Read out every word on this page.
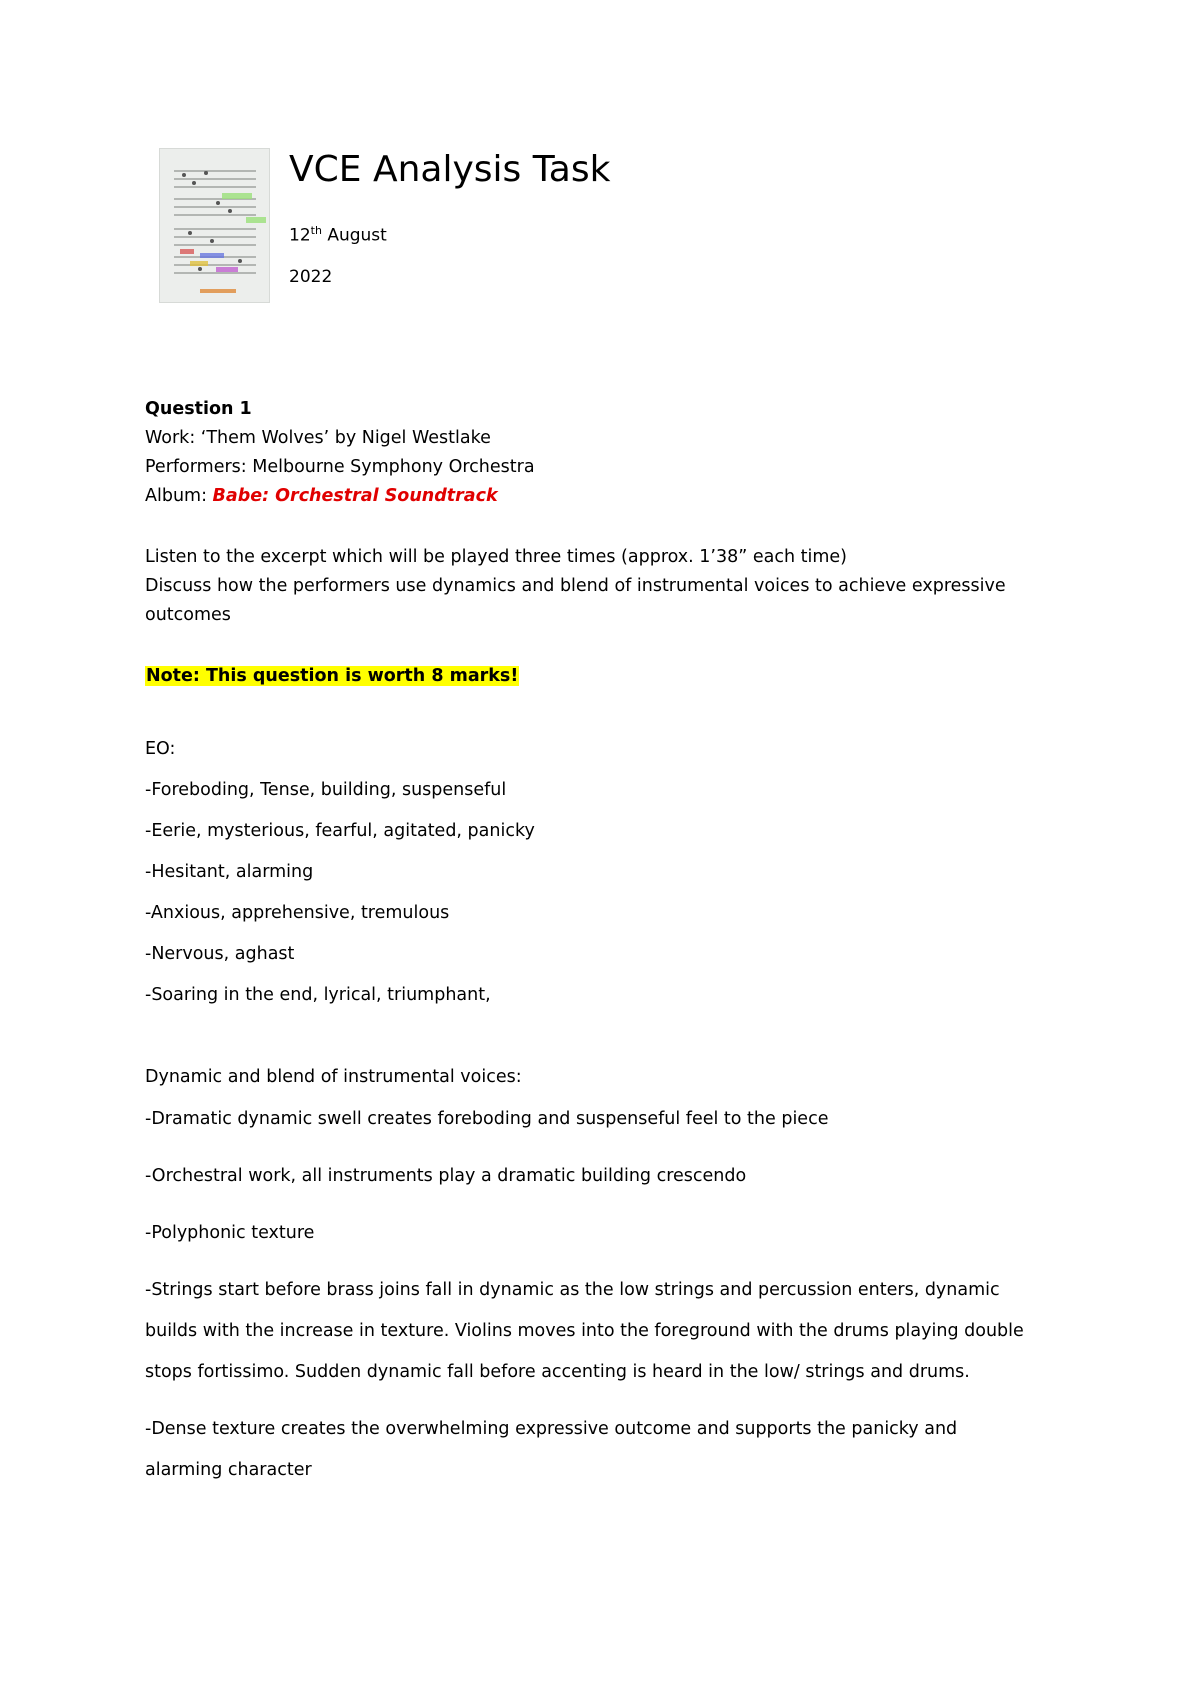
VCE Analysis Task
12th August
2022
Question 1
Work: ‘Them Wolves’ by Nigel Westlake
Performers: Melbourne Symphony Orchestra
Album: Babe: Orchestral Soundtrack
Listen to the excerpt which will be played three times (approx. 1’38” each time)
Discuss how the performers use dynamics and blend of instrumental voices to achieve expressive
outcomes
Note: This question is worth 8 marks!
EO:
-Foreboding, Tense, building, suspenseful
-Eerie, mysterious, fearful, agitated, panicky
-Hesitant, alarming
-Anxious, apprehensive, tremulous
-Nervous, aghast
-Soaring in the end, lyrical, triumphant,
Dynamic and blend of instrumental voices:
-Dramatic dynamic swell creates foreboding and suspenseful feel to the piece
-Orchestral work, all instruments play a dramatic building crescendo
-Polyphonic texture
-Strings start before brass joins fall in dynamic as the low strings and percussion enters, dynamic
builds with the increase in texture. Violins moves into the foreground with the drums playing double
stops fortissimo. Sudden dynamic fall before accenting is heard in the low/ strings and drums.
-Dense texture creates the overwhelming expressive outcome and supports the panicky and
alarming character
